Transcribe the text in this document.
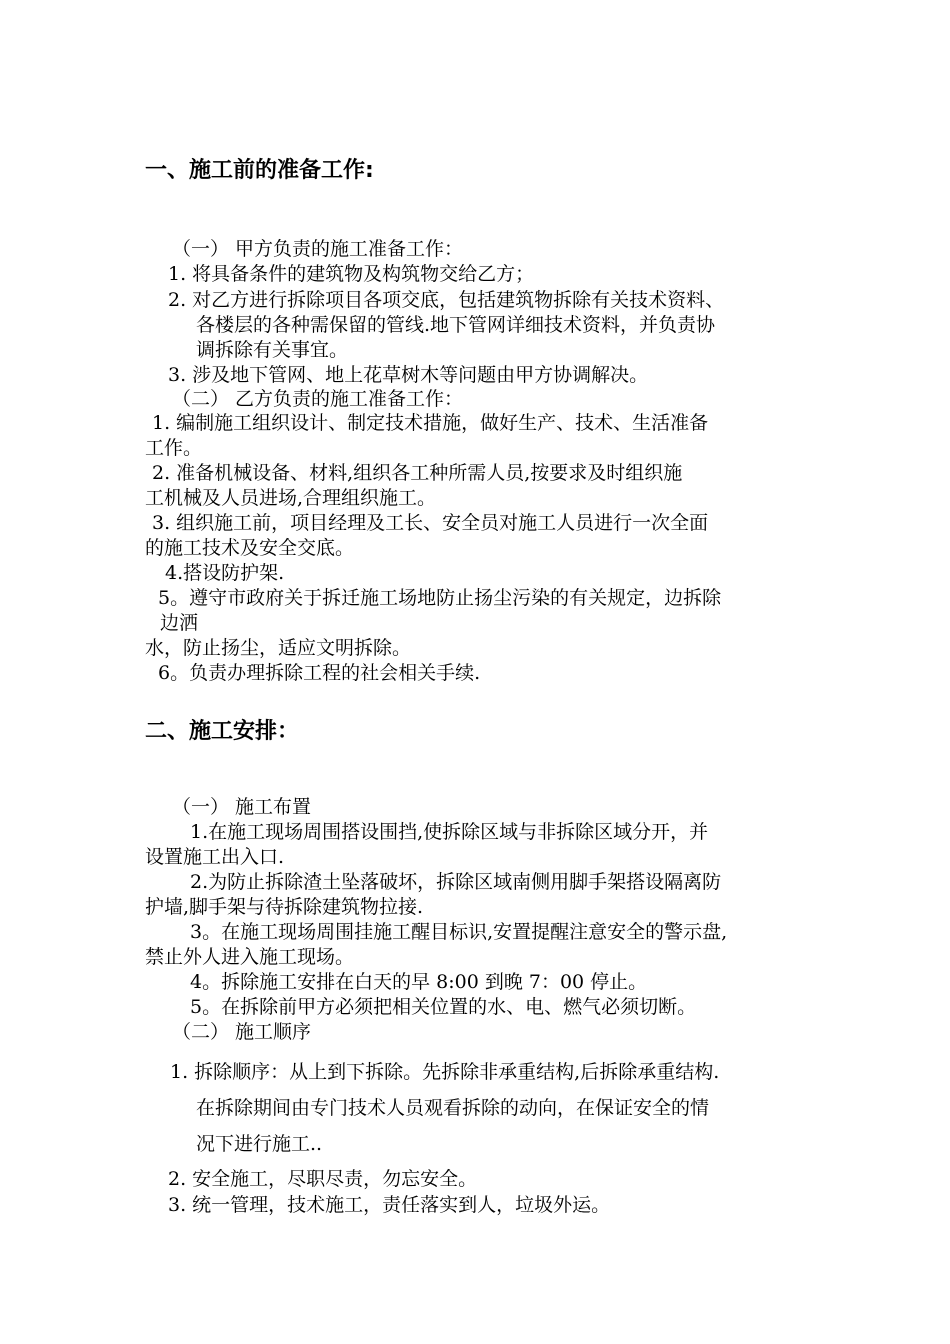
一、施工前的准备工作:
（一） 甲方负责的施工准备工作：
1. 将具备条件的建筑物及构筑物交给乙方；
2. 对乙方进行拆除项目各项交底，包括建筑物拆除有关技术资料、
各楼层的各种需保留的管线.地下管网详细技术资料，并负责协
调拆除有关事宜。
3. 涉及地下管网、地上花草树木等问题由甲方协调解决。
（二） 乙方负责的施工准备工作：
1. 编制施工组织设计、制定技术措施，做好生产、技术、生活准备
工作。
2. 准备机械设备、材料,组织各工种所需人员,按要求及时组织施
工机械及人员进场,合理组织施工。
3. 组织施工前，项目经理及工长、安全员对施工人员进行一次全面
的施工技术及安全交底。
4.搭设防护架.
5。遵守市政府关于拆迁施工场地防止扬尘污染的有关规定，边拆除
边洒
水，防止扬尘，适应文明拆除。
6。负责办理拆除工程的社会相关手续.
二、施工安排：
（一） 施工布置
1.在施工现场周围搭设围挡,使拆除区域与非拆除区域分开，并
设置施工出入口.
2.为防止拆除渣土坠落破坏，拆除区域南侧用脚手架搭设隔离防
护墙,脚手架与待拆除建筑物拉接.
3。在施工现场周围挂施工醒目标识,安置提醒注意安全的警示盘,
禁止外人进入施工现场。
4。拆除施工安排在白天的早 8:00 到晚 7：00 停止。
5。在拆除前甲方必须把相关位置的水、电、燃气必须切断。
（二） 施工顺序
1. 拆除顺序：从上到下拆除。先拆除非承重结构,后拆除承重结构.
在拆除期间由专门技术人员观看拆除的动向，在保证安全的情
况下进行施工..
2. 安全施工，尽职尽责，勿忘安全。
3. 统一管理，技术施工，责任落实到人，垃圾外运。
